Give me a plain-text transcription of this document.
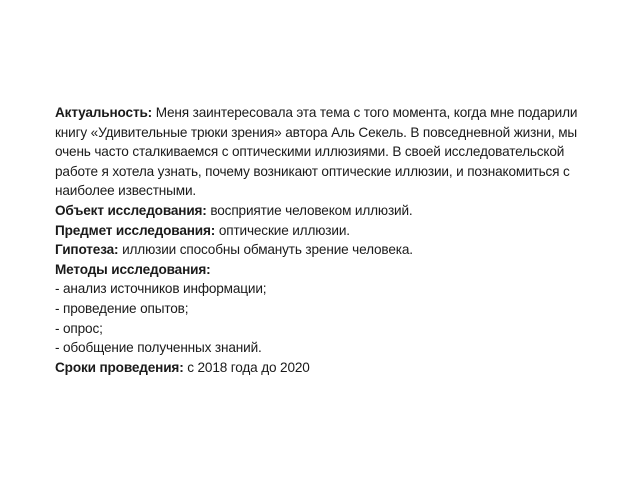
Актуальность: Меня заинтересовала эта тема с того момента, когда мне подарили книгу «Удивительные трюки зрения» автора Аль Секель. В повседневной жизни, мы очень часто сталкиваемся с оптическими иллюзиями. В своей исследовательской работе я хотела узнать, почему возникают оптические иллюзии, и познакомиться с наиболее известными.

Объект исследования: восприятие человеком иллюзий.

Предмет исследования: оптические иллюзии.

Гипотеза: иллюзии способны обмануть зрение человека.

Методы исследования:

- анализ источников информации;
- проведение опытов;
- опрос;
- обобщение полученных знаний.

Сроки проведения: с 2018 года до 2020
